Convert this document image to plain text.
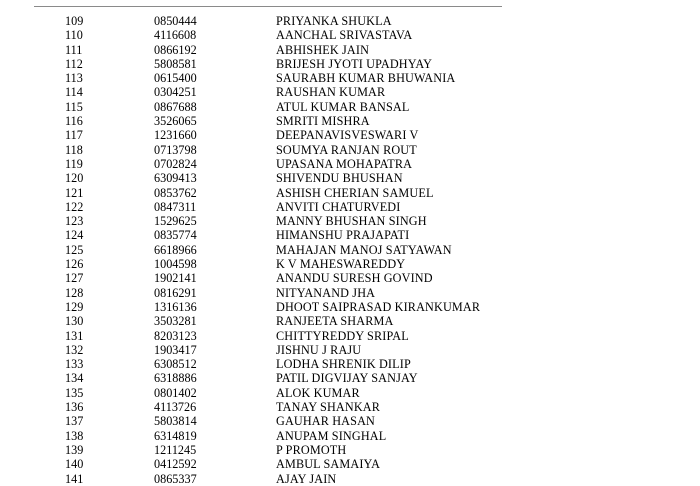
109	0850444	PRIYANKA SHUKLA
110	4116608	AANCHAL SRIVASTAVA
111	0866192	ABHISHEK JAIN
112	5808581	BRIJESH JYOTI UPADHYAY
113	0615400	SAURABH KUMAR BHUWANIA
114	0304251	RAUSHAN KUMAR
115	0867688	ATUL KUMAR BANSAL
116	3526065	SMRITI MISHRA
117	1231660	DEEPANAVISVESWARI V
118	0713798	SOUMYA RANJAN ROUT
119	0702824	UPASANA MOHAPATRA
120	6309413	SHIVENDU BHUSHAN
121	0853762	ASHISH CHERIAN SAMUEL
122	0847311	ANVITI CHATURVEDI
123	1529625	MANNY BHUSHAN SINGH
124	0835774	HIMANSHU PRAJAPATI
125	6618966	MAHAJAN MANOJ SATYAWAN
126	1004598	K V MAHESWAREDDY
127	1902141	ANANDU SURESH GOVIND
128	0816291	NITYANAND JHA
129	1316136	DHOOT SAIPRASAD KIRANKUMAR
130	3503281	RANJEETA SHARMA
131	8203123	CHITTYREDDY SRIPAL
132	1903417	JISHNU J RAJU
133	6308512	LODHA SHRENIK DILIP
134	6318886	PATIL DIGVIJAY SANJAY
135	0801402	ALOK KUMAR
136	4113726	TANAY SHANKAR
137	5803814	GAUHAR HASAN
138	6314819	ANUPAM SINGHAL
139	1211245	P PROMOTH
140	0412592	AMBUL SAMAIYA
141	0865337	AJAY JAIN
